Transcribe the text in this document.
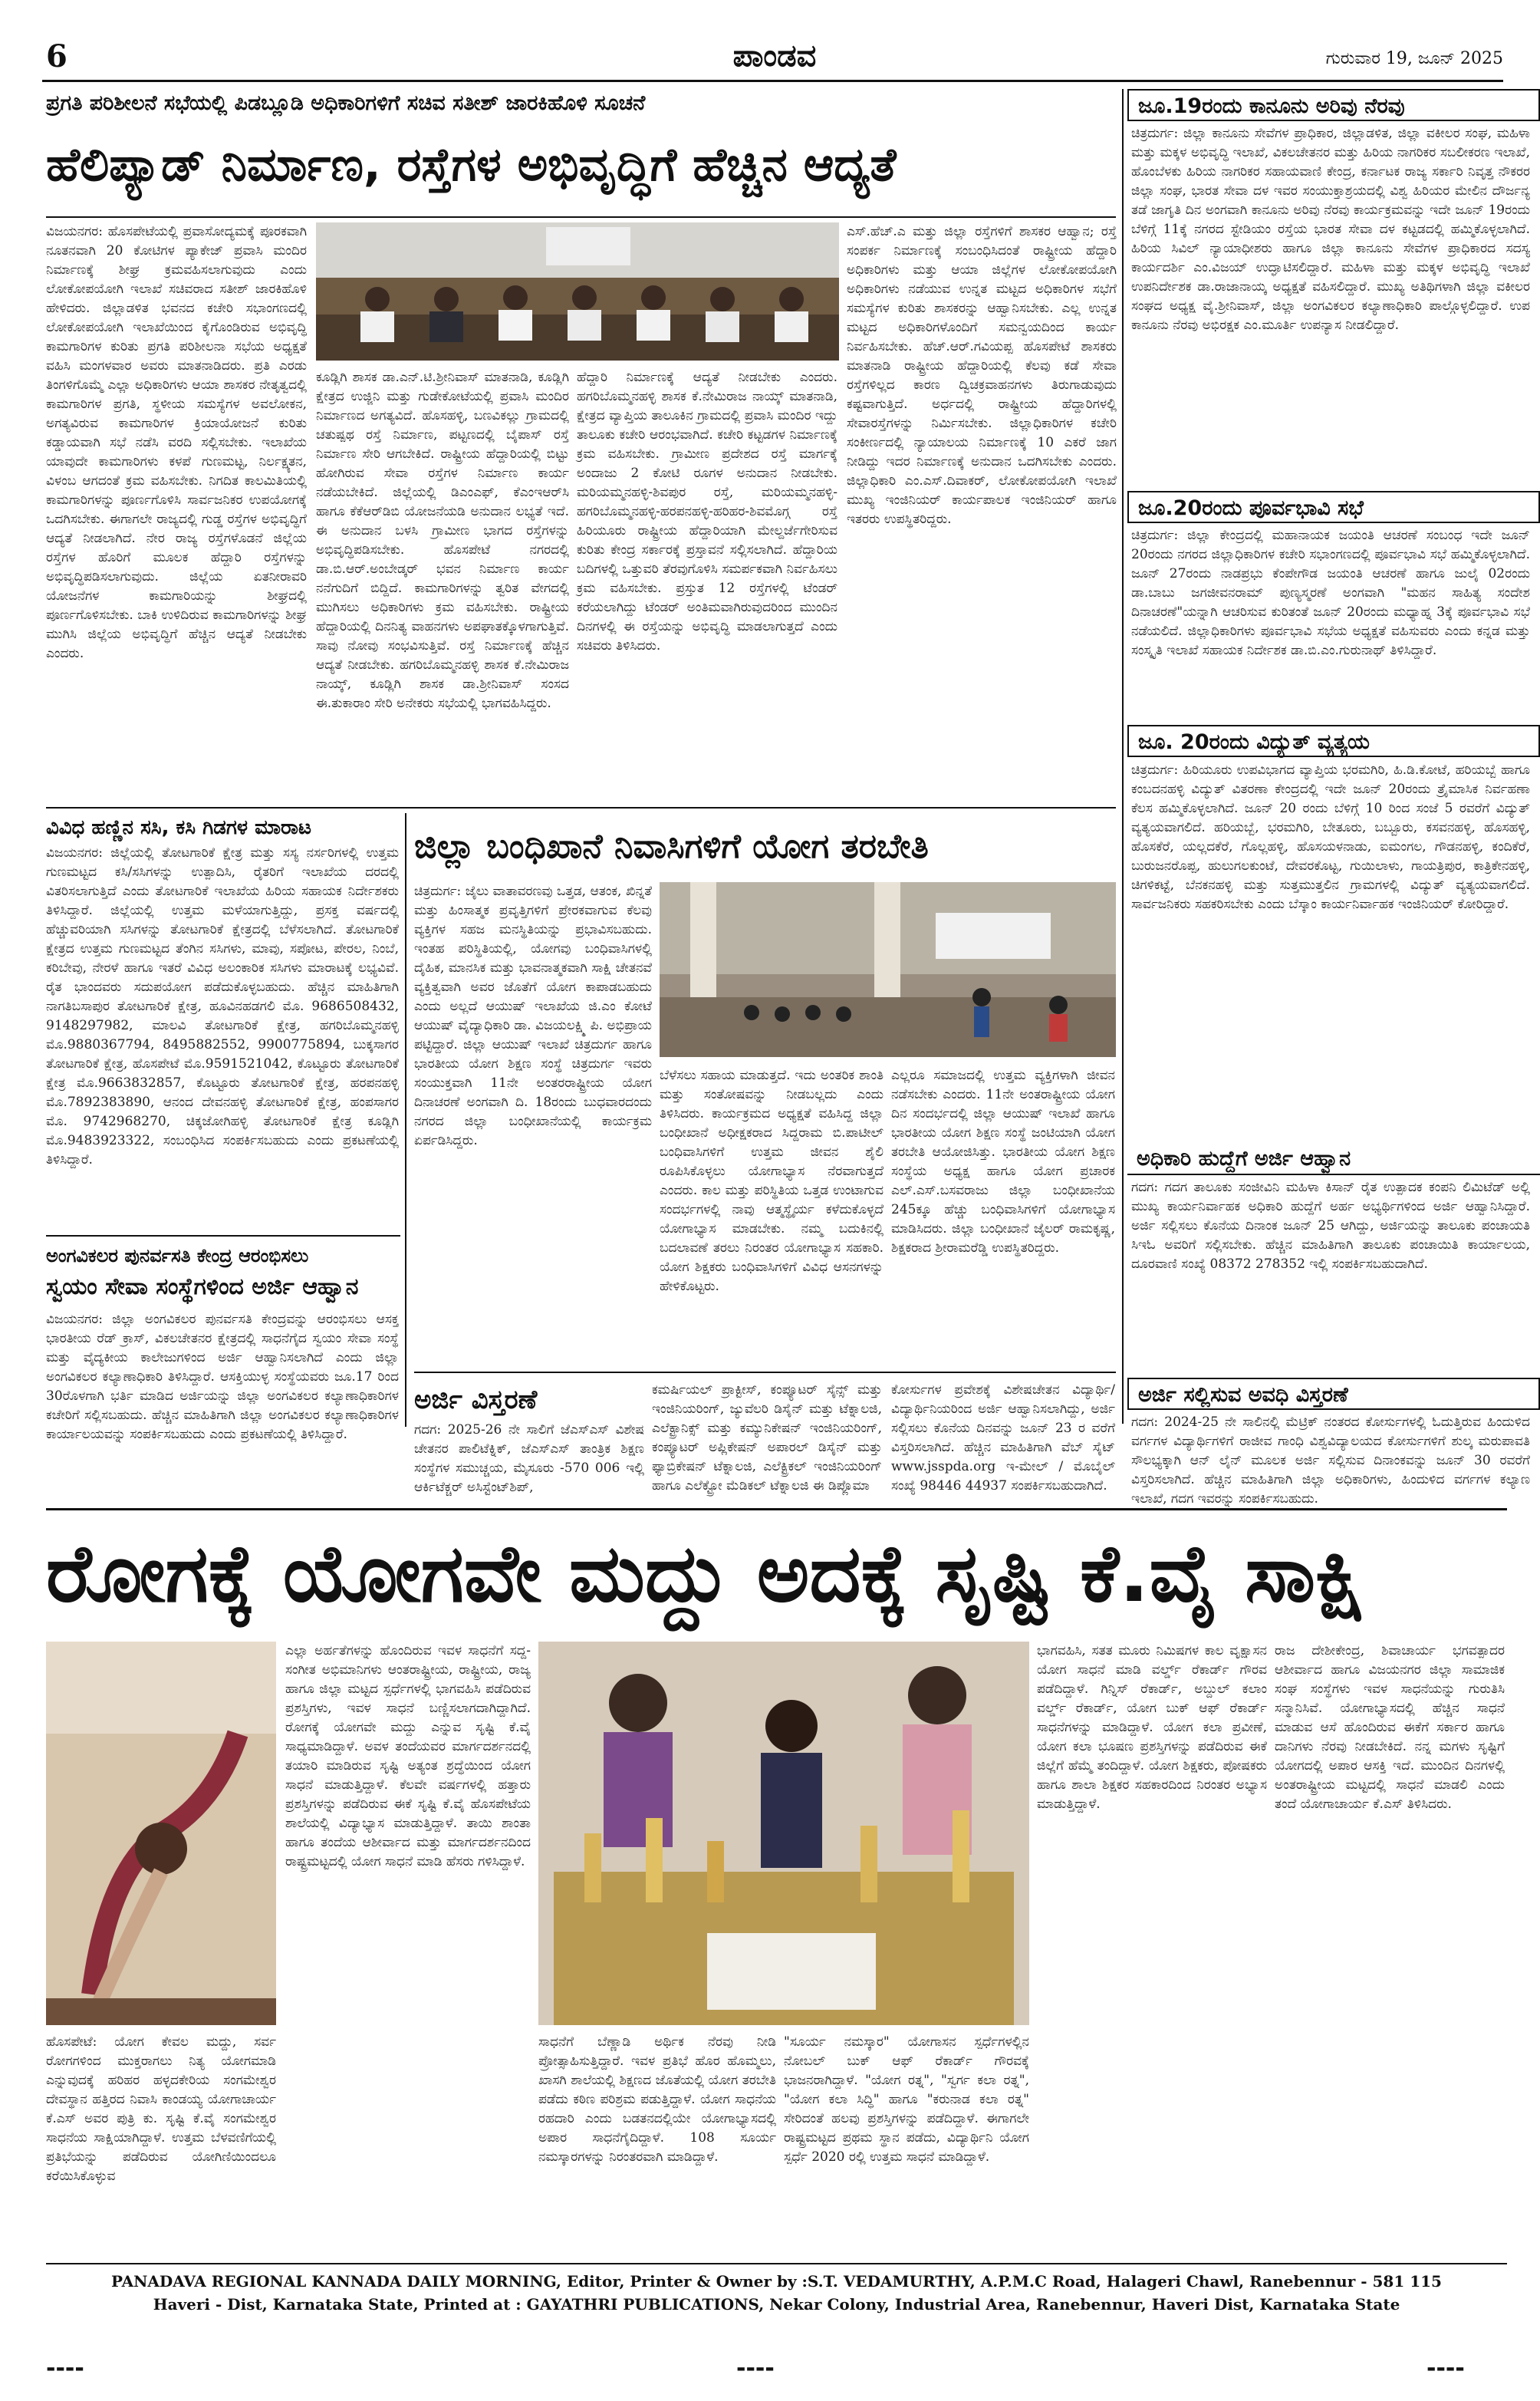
6	ಪಾಂಡವ	ಗುರುವಾರ 19, ಜೂನ್ 2025
ಪ್ರಗತಿ ಪರಿಶೀಲನೆ ಸಭೆಯಲ್ಲಿ ಪಿಡಬ್ಲೂಡಿ ಅಧಿಕಾರಿಗಳಿಗೆ ಸಚಿವ ಸತೀಶ್ ಜಾರಕಿಹೊಳಿ ಸೂಚನೆ
ಹೆಲಿಪ್ಯಾಡ್ ನಿರ್ಮಾಣ, ರಸ್ತೆಗಳ ಅಭಿವೃದ್ಧಿಗೆ ಹೆಚ್ಚಿನ ಆದ್ಯತೆ
ವಿಜಯನಗರ: ಹೊಸಪೇಟೆಯಲ್ಲಿ ಪ್ರವಾಸೋದ್ಯಮಕ್ಕೆ ಪೂರಕವಾಗಿ ನೂತನವಾಗಿ 20 ಕೋಟಿಗಳ ಪ್ಯಾಕೇಜ್ ಪ್ರವಾಸಿ ಮಂದಿರ ನಿರ್ಮಾಣಕ್ಕೆ ಶೀಘ್ರ ಕ್ರಮವಹಿಸಲಾಗುವುದು ಎಂದು ಲೋಕೋಪಯೋಗಿ ಇಲಾಖೆ ಸಚಿವರಾದ ಸತೀಶ್ ಜಾರಕಿಹೊಳಿ ಹೇಳಿದರು. ಜಿಲ್ಲಾಡಳಿತ ಭವನದ ಕಚೇರಿ ಸಭಾಂಗಣದಲ್ಲಿ ಲೋಕೋಪಯೋಗಿ ಇಲಾಖೆಯಿಂದ ಕೈಗೊಂಡಿರುವ ಅಭಿವೃದ್ಧಿ ಕಾಮಗಾರಿಗಳ ಕುರಿತು ಪ್ರಗತಿ ಪರಿಶೀಲನಾ ಸಭೆಯ ಅಧ್ಯಕ್ಷತೆ ವಹಿಸಿ ಮಂಗಳವಾರ ಅವರು ಮಾತನಾಡಿದರು. ಪ್ರತಿ ಎರಡು ತಿಂಗಳಿಗೊಮ್ಮೆ ಎಲ್ಲಾ ಅಧಿಕಾರಿಗಳು ಆಯಾ ಶಾಸಕರ ನೇತೃತ್ವದಲ್ಲಿ ಕಾಮಗಾರಿಗಳ ಪ್ರಗತಿ, ಸ್ಥಳೀಯ ಸಮಸ್ಯೆಗಳ ಅವಲೋಕನ, ಅಗತ್ಯವಿರುವ ಕಾಮಗಾರಿಗಳ ಕ್ರಿಯಾಯೋಜನೆ ಕುರಿತು ಕಡ್ಡಾಯವಾಗಿ ಸಭೆ ನಡೆಸಿ ವರದಿ ಸಲ್ಲಿಸಬೇಕು. ಇಲಾಖೆಯ ಯಾವುದೇ ಕಾಮಗಾರಿಗಳು ಕಳಪೆ ಗುಣಮಟ್ಟ, ನಿರ್ಲಕ್ಷ್ಯತನ, ವಿಳಂಬ ಆಗದಂತೆ ಕ್ರಮ ವಹಿಸಬೇಕು. ನಿಗದಿತ ಕಾಲಮಿತಿಯಲ್ಲಿ ಕಾಮಗಾರಿಗಳನ್ನು ಪೂರ್ಣಗೊಳಿಸಿ ಸಾರ್ವಜನಿಕರ ಉಪಯೋಗಕ್ಕೆ ಒದಗಿಸಬೇಕು. ಈಗಾಗಲೇ ರಾಜ್ಯದಲ್ಲಿ ಗುಡ್ಡ ರಸ್ತೆಗಳ ಅಭಿವೃದ್ಧಿಗೆ ಆದ್ಯತೆ ನೀಡಲಾಗಿದೆ. ನೇರ ರಾಜ್ಯ ರಸ್ತೆಗಳೊಡನೆ ಜಿಲ್ಲೆಯ ರಸ್ತೆಗಳ ಹೊರಿಗೆ ಮೂಲಕ ಹೆದ್ದಾರಿ ರಸ್ತೆಗಳನ್ನು ಅಭಿವೃದ್ಧಿಪಡಿಸಲಾಗುವುದು. ಜಿಲ್ಲೆಯ ಏತನೀರಾವರಿ ಯೋಜನೆಗಳ ಕಾಮಗಾರಿಯನ್ನು ಶೀಘ್ರದಲ್ಲಿ ಪೂರ್ಣಗೊಳಿಸಬೇಕು. ಬಾಕಿ ಉಳಿದಿರುವ ಕಾಮಗಾರಿಗಳನ್ನು ಶೀಘ್ರ ಮುಗಿಸಿ ಜಿಲ್ಲೆಯ ಅಭಿವೃದ್ಧಿಗೆ ಹೆಚ್ಚಿನ ಆದ್ಯತೆ ನೀಡಬೇಕು ಎಂದರು.
ಕೂಡ್ಲಿಗಿ ಶಾಸಕ ಡಾ.ಎನ್.ಟಿ.ಶ್ರೀನಿವಾಸ್ ಮಾತನಾಡಿ, ಕೂಡ್ಲಿಗಿ ಕ್ಷೇತ್ರದ ಉಜ್ಜಿನಿ ಮತ್ತು ಗುಡೇಕೋಟೆಯಲ್ಲಿ ಪ್ರವಾಸಿ ಮಂದಿರ ನಿರ್ಮಾಣದ ಅಗತ್ಯವಿದೆ. ಹೊಸಹಳ್ಳಿ, ಬಣವಿಕಲ್ಲು ಗ್ರಾಮದಲ್ಲಿ ಚತುಷ್ಪಥ ರಸ್ತೆ ನಿರ್ಮಾಣ, ಪಟ್ಟಣದಲ್ಲಿ ಬೈಪಾಸ್ ರಸ್ತೆ ನಿರ್ಮಾಣ ಸೇರಿ ಆಗಬೇಕಿದೆ. ರಾಷ್ಟ್ರೀಯ ಹೆದ್ದಾರಿಯಲ್ಲಿ ಬಿಟ್ಟು ಹೋಗಿರುವ ಸೇವಾ ರಸ್ತೆಗಳ ನಿರ್ಮಾಣ ಕಾರ್ಯ ನಡೆಯಬೇಕಿದೆ. ಜಿಲ್ಲೆಯಲ್ಲಿ ಡಿಎಂಎಫ್, ಕೆಎಂಇಆರ್‌ಸಿ ಹಾಗೂ ಕೆಕೆಆರ್‌ಡಿಬಿ ಯೋಜನೆಯಡಿ ಅನುದಾನ ಲಭ್ಯತೆ ಇದೆ. ಈ ಅನುದಾನ ಬಳಸಿ ಗ್ರಾಮೀಣ ಭಾಗದ ರಸ್ತೆಗಳನ್ನು ಅಭಿವೃದ್ಧಿಪಡಿಸಬೇಕು. ಹೊಸಪೇಟೆ ನಗರದಲ್ಲಿ ಡಾ.ಬಿ.ಆರ್.ಅಂಬೇಡ್ಕರ್ ಭವನ ನಿರ್ಮಾಣ ಕಾರ್ಯ ನನೆಗುದಿಗೆ ಬಿದ್ದಿದೆ. ಕಾಮಗಾರಿಗಳನ್ನು ತ್ವರಿತ ವೇಗದಲ್ಲಿ ಮುಗಿಸಲು ಅಧಿಕಾರಿಗಳು ಕ್ರಮ ವಹಿಸಬೇಕು. ರಾಷ್ಟ್ರೀಯ ಹೆದ್ದಾರಿಯಲ್ಲಿ ದಿನನಿತ್ಯ ವಾಹನಗಳು ಅಪಘಾತಕ್ಕೊಳಗಾಗುತ್ತಿವೆ. ಸಾವು ನೋವು ಸಂಭವಿಸುತ್ತಿವೆ. ರಸ್ತೆ ನಿರ್ಮಾಣಕ್ಕೆ ಹೆಚ್ಚಿನ ಆದ್ಯತೆ ನೀಡಬೇಕು. ಹಗರಿಬೊಮ್ಮನಹಳ್ಳಿ ಶಾಸಕ ಕೆ.ನೇಮಿರಾಜ ನಾಯ್ಕ್, ಕೂಡ್ಲಿಗಿ ಶಾಸಕ ಡಾ.ಶ್ರೀನಿವಾಸ್ ಸಂಸದ ಈ.ತುಕಾರಾಂ ಸೇರಿ ಅನೇಕರು ಸಭೆಯಲ್ಲಿ ಭಾಗವಹಿಸಿದ್ದರು.
ಹೆದ್ದಾರಿ ನಿರ್ಮಾಣಕ್ಕೆ ಆದ್ಯತೆ ನೀಡಬೇಕು ಎಂದರು. ಹಗರಿಬೊಮ್ಮನಹಳ್ಳಿ ಶಾಸಕ ಕೆ.ನೇಮಿರಾಜ ನಾಯ್ಕ್ ಮಾತನಾಡಿ, ಕ್ಷೇತ್ರದ ವ್ಯಾಪ್ತಿಯ ತಾಲೂಕಿನ ಗ್ರಾಮದಲ್ಲಿ ಪ್ರವಾಸಿ ಮಂದಿರ ಇದ್ದು ತಾಲೂಕು ಕಚೇರಿ ಆರಂಭವಾಗಿದೆ. ಕಚೇರಿ ಕಟ್ಟಡಗಳ ನಿರ್ಮಾಣಕ್ಕೆ ಕ್ರಮ ವಹಿಸಬೇಕು. ಗ್ರಾಮೀಣ ಪ್ರದೇಶದ ರಸ್ತೆ ಮಾರ್ಗಕ್ಕೆ ಅಂದಾಜು 2 ಕೋಟಿ ರೂಗಳ ಅನುದಾನ ನೀಡಬೇಕು. ಮರಿಯಮ್ಮನಹಳ್ಳಿ-ಶಿವಪುರ ರಸ್ತೆ, ಮರಿಯಮ್ಮನಹಳ್ಳಿ-ಹಗರಿಬೊಮ್ಮನಹಳ್ಳಿ-ಹರಪನಹಳ್ಳಿ-ಹರಿಹರ-ಶಿವಮೊಗ್ಗ ರಸ್ತೆ ಹಿರಿಯೂರು ರಾಷ್ಟ್ರೀಯ ಹೆದ್ದಾರಿಯಾಗಿ ಮೇಲ್ದರ್ಜೆಗೇರಿಸುವ ಕುರಿತು ಕೇಂದ್ರ ಸರ್ಕಾರಕ್ಕೆ ಪ್ರಸ್ತಾವನೆ ಸಲ್ಲಿಸಲಾಗಿದೆ. ಹೆದ್ದಾರಿಯ ಬದಿಗಳಲ್ಲಿ ಒತ್ತುವರಿ ತೆರವುಗೊಳಿಸಿ ಸಮರ್ಪಕವಾಗಿ ನಿರ್ವಹಿಸಲು ಕ್ರಮ ವಹಿಸಬೇಕು. ಪ್ರಸ್ತುತ 12 ರಸ್ತೆಗಳಲ್ಲಿ ಟೆಂಡರ್ ಕರೆಯಲಾಗಿದ್ದು ಟೆಂಡರ್ ಅಂತಿಮವಾಗಿರುವುದರಿಂದ ಮುಂದಿನ ದಿನಗಳಲ್ಲಿ ಈ ರಸ್ತೆಯನ್ನು ಅಭಿವೃದ್ಧಿ ಮಾಡಲಾಗುತ್ತದೆ ಎಂದು ಸಚಿವರು ತಿಳಿಸಿದರು.
ಎಸ್.ಹೆಚ್.ಎ ಮತ್ತು ಜಿಲ್ಲಾ ರಸ್ತೆಗಳಿಗೆ ಶಾಸಕರ ಆಹ್ವಾನ; ರಸ್ತೆ ಸಂಪರ್ಕ ನಿರ್ಮಾಣಕ್ಕೆ ಸಂಬಂಧಿಸಿದಂತೆ ರಾಷ್ಟ್ರೀಯ ಹೆದ್ದಾರಿ ಅಧಿಕಾರಿಗಳು ಮತ್ತು ಆಯಾ ಜಿಲ್ಲೆಗಳ ಲೋಕೋಪಯೋಗಿ ಅಧಿಕಾರಿಗಳು ನಡೆಯುವ ಉನ್ನತ ಮಟ್ಟದ ಅಧಿಕಾರಿಗಳ ಸಭೆಗೆ ಸಮಸ್ಯೆಗಳ ಕುರಿತು ಶಾಸಕರನ್ನು ಆಹ್ವಾನಿಸಬೇಕು. ಎಲ್ಲ ಉನ್ನತ ಮಟ್ಟದ ಅಧಿಕಾರಿಗಳೊಂದಿಗೆ ಸಮನ್ವಯದಿಂದ ಕಾರ್ಯ ನಿರ್ವಹಿಸಬೇಕು. ಹೆಚ್.ಆರ್.ಗವಿಯಪ್ಪ ಹೊಸಪೇಟೆ ಶಾಸಕರು ಮಾತನಾಡಿ ರಾಷ್ಟ್ರೀಯ ಹೆದ್ದಾರಿಯಲ್ಲಿ ಕೆಲವು ಕಡೆ ಸೇವಾ ರಸ್ತೆಗಳಿಲ್ಲದ ಕಾರಣ ದ್ವಿಚಕ್ರವಾಹನಗಳು ತಿರುಗಾಡುವುದು ಕಷ್ಟವಾಗುತ್ತಿದೆ. ಅರ್ಧದಲ್ಲಿ ರಾಷ್ಟ್ರೀಯ ಹೆದ್ದಾರಿಗಳಲ್ಲಿ ಸೇವಾರಸ್ತೆಗಳನ್ನು ನಿರ್ಮಿಸಬೇಕು. ಜಿಲ್ಲಾಧಿಕಾರಿಗಳ ಕಚೇರಿ ಸಂಕೀರ್ಣದಲ್ಲಿ ನ್ಯಾಯಾಲಯ ನಿರ್ಮಾಣಕ್ಕೆ 10 ಎಕರೆ ಜಾಗ ನೀಡಿದ್ದು ಇದರ ನಿರ್ಮಾಣಕ್ಕೆ ಅನುದಾನ ಒದಗಿಸಬೇಕು ಎಂದರು. ಜಿಲ್ಲಾಧಿಕಾರಿ ಎಂ.ಎಸ್.ದಿವಾಕರ್, ಲೋಕೋಪಯೋಗಿ ಇಲಾಖೆ ಮುಖ್ಯ ಇಂಜಿನಿಯರ್ ಕಾರ್ಯಪಾಲಕ ಇಂಜಿನಿಯರ್ ಹಾಗೂ ಇತರರು ಉಪಸ್ಥಿತರಿದ್ದರು.
ವಿವಿಧ ಹಣ್ಣಿನ ಸಸಿ, ಕಸಿ ಗಿಡಗಳ ಮಾರಾಟ
ವಿಜಯನಗರ: ಜಿಲ್ಲೆಯಲ್ಲಿ ತೋಟಗಾರಿಕೆ ಕ್ಷೇತ್ರ ಮತ್ತು ಸಸ್ಯ ನರ್ಸರಿಗಳಲ್ಲಿ ಉತ್ತಮ ಗುಣಮಟ್ಟದ ಕಸಿ/ಸಸಿಗಳನ್ನು ಉತ್ಪಾದಿಸಿ, ರೈತರಿಗೆ ಇಲಾಖೆಯ ದರದಲ್ಲಿ ವಿತರಿಸಲಾಗುತ್ತಿದೆ ಎಂದು ತೋಟಗಾರಿಕೆ ಇಲಾಖೆಯ ಹಿರಿಯ ಸಹಾಯಕ ನಿರ್ದೇಶಕರು ತಿಳಿಸಿದ್ದಾರೆ. ಜಿಲ್ಲೆಯಲ್ಲಿ ಉತ್ತಮ ಮಳೆಯಾಗುತ್ತಿದ್ದು, ಪ್ರಸಕ್ತ ವರ್ಷದಲ್ಲಿ ಹೆಚ್ಚುವರಿಯಾಗಿ ಸಸಿಗಳನ್ನು ತೋಟಗಾರಿಕೆ ಕ್ಷೇತ್ರದಲ್ಲಿ ಬೆಳೆಸಲಾಗಿದೆ. ತೋಟಗಾರಿಕೆ ಕ್ಷೇತ್ರದ ಉತ್ತಮ ಗುಣಮಟ್ಟದ ತೆಂಗಿನ ಸಸಿಗಳು, ಮಾವು, ಸಪೋಟ, ಪೇರಲ, ನಿಂಬೆ, ಕರಿಬೇವು, ನೇರಳೆ ಹಾಗೂ ಇತರೆ ವಿವಿಧ ಅಲಂಕಾರಿಕ ಸಸಿಗಳು ಮಾರಾಟಕ್ಕೆ ಲಭ್ಯವಿವೆ. ರೈತ ಭಾಂದವರು ಸದುಪಯೋಗ ಪಡೆದುಕೊಳ್ಳಬಹುದು. ಹೆಚ್ಚಿನ ಮಾಹಿತಿಗಾಗಿ ನಾಗತಿಬಸಾಪುರ ತೋಟಗಾರಿಕೆ ಕ್ಷೇತ್ರ, ಹೂವಿನಹಡಗಲಿ ಮೊ. 9686508432, 9148297982, ಮಾಲವಿ ತೋಟಗಾರಿಕೆ ಕ್ಷೇತ್ರ, ಹಗರಿಬೊಮ್ಮನಹಳ್ಳಿ ಮೊ.9880367794, 8495882552, 9900775894, ಬುಕ್ಕಸಾಗರ ತೋಟಗಾರಿಕೆ ಕ್ಷೇತ್ರ, ಹೊಸಪೇಟೆ ಮೊ.9591521042, ಕೊಟ್ಟೂರು ತೋಟಗಾರಿಕೆ ಕ್ಷೇತ್ರ ಮೊ.9663832857, ಕೊಟ್ಟೂರು ತೋಟಗಾರಿಕೆ ಕ್ಷೇತ್ರ, ಹರಪನಹಳ್ಳಿ ಮೊ.7892383890, ಆನಂದ ದೇವನಹಳ್ಳಿ ತೋಟಗಾರಿಕೆ ಕ್ಷೇತ್ರ, ಹಂಪಸಾಗರ ಮೊ. 9742968270, ಚಿಕ್ಕಜೋಗಿಹಳ್ಳಿ ತೋಟಗಾರಿಕೆ ಕ್ಷೇತ್ರ ಕೂಡ್ಲಿಗಿ ಮೊ.9483923322, ಸಂಬಂಧಿಸಿದ ಸಂಪರ್ಕಿಸಬಹುದು ಎಂದು ಪ್ರಕಟಣೆಯಲ್ಲಿ ತಿಳಿಸಿದ್ದಾರೆ.
ಅಂಗವಿಕಲರ ಪುನರ್ವಸತಿ ಕೇಂದ್ರ ಆರಂಭಿಸಲು
ಸ್ವಯಂ ಸೇವಾ ಸಂಸ್ಥೆಗಳಿಂದ ಅರ್ಜಿ ಆಹ್ವಾನ
ವಿಜಯನಗರ: ಜಿಲ್ಲಾ ಅಂಗವಿಕಲರ ಪುನರ್ವಸತಿ ಕೇಂದ್ರವನ್ನು ಆರಂಭಿಸಲು ಆಸಕ್ತ ಭಾರತೀಯ ರೆಡ್ ಕ್ರಾಸ್, ವಿಕಲಚೇತನರ ಕ್ಷೇತ್ರದಲ್ಲಿ ಸಾಧನೆಗೈದ ಸ್ವಯಂ ಸೇವಾ ಸಂಸ್ಥೆ ಮತ್ತು ವೈದ್ಯಕೀಯ ಕಾಲೇಜುಗಳಿಂದ ಅರ್ಜಿ ಆಹ್ವಾನಿಸಲಾಗಿದೆ ಎಂದು ಜಿಲ್ಲಾ ಅಂಗವಿಕಲರ ಕಲ್ಯಾಣಾಧಿಕಾರಿ ತಿಳಿಸಿದ್ದಾರೆ. ಆಸಕ್ತಿಯುಳ್ಳ ಸಂಸ್ಥೆಯವರು ಜೂ.17 ರಿಂದ 30ರೊಳಗಾಗಿ ಭರ್ತಿ ಮಾಡಿದ ಅರ್ಜಿಯನ್ನು ಜಿಲ್ಲಾ ಅಂಗವಿಕಲರ ಕಲ್ಯಾಣಾಧಿಕಾರಿಗಳ ಕಚೇರಿಗೆ ಸಲ್ಲಿಸಬಹುದು. ಹೆಚ್ಚಿನ ಮಾಹಿತಿಗಾಗಿ ಜಿಲ್ಲಾ ಅಂಗವಿಕಲರ ಕಲ್ಯಾಣಾಧಿಕಾರಿಗಳ ಕಾರ್ಯಾಲಯವನ್ನು ಸಂಪರ್ಕಿಸಬಹುದು ಎಂದು ಪ್ರಕಟಣೆಯಲ್ಲಿ ತಿಳಿಸಿದ್ದಾರೆ.
ಜಿಲ್ಲಾ ಬಂಧಿಖಾನೆ ನಿವಾಸಿಗಳಿಗೆ ಯೋಗ ತರಬೇತಿ
ಚಿತ್ರದುರ್ಗ: ಜೈಲು ವಾತಾವರಣವು ಒತ್ತಡ, ಆತಂಕ, ಖಿನ್ನತೆ ಮತ್ತು ಹಿಂಸಾತ್ಮಕ ಪ್ರವೃತ್ತಿಗಳಿಗೆ ಪ್ರೇರಕವಾಗುವ ಕೆಲವು ವ್ಯಕ್ತಿಗಳ ಸಹಜ ಮನಸ್ಥಿತಿಯನ್ನು ಪ್ರಭಾವಿಸಬಹುದು. ಇಂತಹ ಪರಿಸ್ಥಿತಿಯಲ್ಲಿ, ಯೋಗವು ಬಂಧಿವಾಸಿಗಳಲ್ಲಿ ದೈಹಿಕ, ಮಾನಸಿಕ ಮತ್ತು ಭಾವನಾತ್ಮಕವಾಗಿ ಸಾಕ್ಷಿ ಚೇತನವೆ ವ್ಯಕ್ತಿತ್ವವಾಗಿ ಅವರ ಜೊತೆಗೆ ಯೋಗ ಕಾಪಾಡಬಹುದು ಎಂದು ಅಲ್ಲದೆ ಆಯುಷ್ ಇಲಾಖೆಯ ಜಿ.ಎಂ ಕೋಟೆ ಆಯುಷ್ ವೈದ್ಯಾಧಿಕಾರಿ ಡಾ. ವಿಜಯಲಕ್ಷ್ಮಿ ಪಿ. ಅಭಿಪ್ರಾಯ ಪಟ್ಟಿದ್ದಾರೆ. ಜಿಲ್ಲಾ ಆಯುಷ್ ಇಲಾಖೆ ಚಿತ್ರದುರ್ಗ ಹಾಗೂ ಭಾರತೀಯ ಯೋಗ ಶಿಕ್ಷಣ ಸಂಸ್ಥೆ ಚಿತ್ರದುರ್ಗ ಇವರು ಸಂಯುಕ್ತವಾಗಿ 11ನೇ ಅಂತರರಾಷ್ಟ್ರೀಯ ಯೋಗ ದಿನಾಚರಣೆ ಅಂಗವಾಗಿ ದಿ. 18ರಂದು ಬುಧವಾರದಂದು ನಗರದ ಜಿಲ್ಲಾ ಬಂಧೀಖಾನೆಯಲ್ಲಿ ಕಾರ್ಯಕ್ರಮ ಏರ್ಪಡಿಸಿದ್ದರು.
ಬೆಳೆಸಲು ಸಹಾಯ ಮಾಡುತ್ತದೆ. ಇದು ಅಂತರಿಕ ಶಾಂತಿ ಮತ್ತು ಸಂತೋಷವನ್ನು ನೀಡಬಲ್ಲದು ಎಂದು ತಿಳಿಸಿದರು. ಕಾರ್ಯಕ್ರಮದ ಅಧ್ಯಕ್ಷತೆ ವಹಿಸಿದ್ದ ಜಿಲ್ಲಾ ಬಂಧೀಖಾನೆ ಅಧೀಕ್ಷಕರಾದ ಸಿದ್ದರಾಮ ಬಿ.ಪಾಟೀಲ್ ಬಂಧಿವಾಸಿಗಳಿಗೆ ಉತ್ತಮ ಜೀವನ ಶೈಲಿ ರೂಪಿಸಿಕೊಳ್ಳಲು ಯೋಗಾಭ್ಯಾಸ ನೆರವಾಗುತ್ತದೆ ಎಂದರು. ಕಾಲ ಮತ್ತು ಪರಿಸ್ಥಿತಿಯ ಒತ್ತಡ ಉಂಟಾಗುವ ಸಂದರ್ಭಗಳಲ್ಲಿ ನಾವು ಆತ್ಮಸ್ಥೈರ್ಯ ಕಳೆದುಕೊಳ್ಳದೆ ಯೋಗಾಭ್ಯಾಸ ಮಾಡಬೇಕು. ನಮ್ಮ ಬದುಕಿನಲ್ಲಿ ಬದಲಾವಣೆ ತರಲು ನಿರಂತರ ಯೋಗಾಭ್ಯಾಸ ಸಹಕಾರಿ. ಯೋಗ ಶಿಕ್ಷಕರು ಬಂಧಿವಾಸಿಗಳಿಗೆ ವಿವಿಧ ಆಸನಗಳನ್ನು ಹೇಳಿಕೊಟ್ಟರು.
ಎಲ್ಲರೂ ಸಮಾಜದಲ್ಲಿ ಉತ್ತಮ ವ್ಯಕ್ತಿಗಳಾಗಿ ಜೀವನ ನಡೆಸಬೇಕು ಎಂದರು. 11ನೇ ಅಂತರಾಷ್ಟ್ರೀಯ ಯೋಗ ದಿನ ಸಂದರ್ಭದಲ್ಲಿ ಜಿಲ್ಲಾ ಆಯುಷ್ ಇಲಾಖೆ ಹಾಗೂ ಭಾರತೀಯ ಯೋಗ ಶಿಕ್ಷಣ ಸಂಸ್ಥೆ ಜಂಟಿಯಾಗಿ ಯೋಗ ತರಬೇತಿ ಆಯೋಜಿಸಿತ್ತು. ಭಾರತೀಯ ಯೋಗ ಶಿಕ್ಷಣ ಸಂಸ್ಥೆಯ ಅಧ್ಯಕ್ಷ ಹಾಗೂ ಯೋಗ ಪ್ರಚಾರಕ ಎಲ್.ಎಸ್.ಬಸವರಾಜು ಜಿಲ್ಲಾ ಬಂಧೀಖಾನೆಯ 245ಕ್ಕೂ ಹೆಚ್ಚು ಬಂಧಿವಾಸಿಗಳಿಗೆ ಯೋಗಾಭ್ಯಾಸ ಮಾಡಿಸಿದರು. ಜಿಲ್ಲಾ ಬಂಧೀಖಾನೆ ಜೈಲರ್ ರಾಮಕೃಷ್ಣ, ಶಿಕ್ಷಕರಾದ ಶ್ರೀರಾಮರೆಡ್ಡಿ ಉಪಸ್ಥಿತರಿದ್ದರು.
ಅರ್ಜಿ ವಿಸ್ತರಣೆ
ಗದಗ: 2025-26 ನೇ ಸಾಲಿಗೆ ಜೆಎಸ್‌ಎಸ್ ವಿಶೇಷ ಚೇತನರ ಪಾಲಿಟೆಕ್ನಿಕ್, ಜೆಎಸ್‌ಎಸ್ ತಾಂತ್ರಿಕ ಶಿಕ್ಷಣ ಸಂಸ್ಥೆಗಳ ಸಮುಚ್ಚಯ, ಮೈಸೂರು -570 006 ಇಲ್ಲಿ ಆರ್ಕಿಟೆಕ್ಚರ್ ಅಸಿಸ್ಟೆಂಟ್‌ಶಿಪ್,
ಕಮರ್ಷಿಯಲ್ ಪ್ರಾಕ್ಟೀಸ್, ಕಂಪ್ಯೂಟರ್ ಸೈನ್ಸ್ ಮತ್ತು ಇಂಜಿನಿಯರಿಂಗ್, ಜ್ಯುವೆಲರಿ ಡಿಸೈನ್ ಮತ್ತು ಟೆಕ್ನಾಲಜಿ, ಎಲೆಕ್ಟ್ರಾನಿಕ್ಸ್ ಮತ್ತು ಕಮ್ಯುನಿಕೇಷನ್ ಇಂಜಿನಿಯರಿಂಗ್, ಕಂಪ್ಯೂಟರ್ ಅಪ್ಲಿಕೇಷನ್ ಅಪಾರಲ್ ಡಿಸೈನ್ ಮತ್ತು ಫ್ಯಾಬ್ರಿಕೇಷನ್ ಟೆಕ್ನಾಲಜಿ, ಎಲೆಕ್ಟ್ರಿಕಲ್ ಇಂಜಿನಿಯರಿಂಗ್ ಹಾಗೂ ಎಲೆಕ್ಟ್ರೋ ಮೆಡಿಕಲ್ ಟೆಕ್ನಾಲಜಿ ಈ ಡಿಪ್ಲೊಮಾ
ಕೋರ್ಸುಗಳ ಪ್ರವೇಶಕ್ಕೆ ವಿಶೇಷಚೇತನ ವಿದ್ಯಾರ್ಥಿ/ ವಿದ್ಯಾರ್ಥಿನಿಯರಿಂದ ಅರ್ಜಿ ಆಹ್ವಾನಿಸಲಾಗಿದ್ದು, ಅರ್ಜಿ ಸಲ್ಲಿಸಲು ಕೊನೆಯ ದಿನವನ್ನು ಜೂನ್ 23 ರ ವರೆಗೆ ವಿಸ್ತರಿಸಲಾಗಿದೆ. ಹೆಚ್ಚಿನ ಮಾಹಿತಿಗಾಗಿ ವೆಬ್ ಸೈಟ್ www.jsspda.org ಇ-ಮೇಲ್ / ಮೊಬೈಲ್ ಸಂಖ್ಯೆ 98446 44937 ಸಂಪರ್ಕಿಸಬಹುದಾಗಿದೆ.
ಜೂ.19ರಂದು ಕಾನೂನು ಅರಿವು ನೆರವು
ಚಿತ್ರದುರ್ಗ: ಜಿಲ್ಲಾ ಕಾನೂನು ಸೇವೆಗಳ ಪ್ರಾಧಿಕಾರ, ಜಿಲ್ಲಾಡಳಿತ, ಜಿಲ್ಲಾ ವಕೀಲರ ಸಂಘ, ಮಹಿಳಾ ಮತ್ತು ಮಕ್ಕಳ ಅಭಿವೃದ್ಧಿ ಇಲಾಖೆ, ವಿಕಲಚೇತನರ ಮತ್ತು ಹಿರಿಯ ನಾಗರಿಕರ ಸಬಲೀಕರಣ ಇಲಾಖೆ, ಹೊಂಬೆಳಕು ಹಿರಿಯ ನಾಗರಿಕರ ಸಹಾಯವಾಣಿ ಕೇಂದ್ರ, ಕರ್ನಾಟಕ ರಾಜ್ಯ ಸರ್ಕಾರಿ ನಿವೃತ್ತ ನೌಕರರ ಜಿಲ್ಲಾ ಸಂಘ, ಭಾರತ ಸೇವಾ ದಳ ಇವರ ಸಂಯುಕ್ತಾಶ್ರಯದಲ್ಲಿ ವಿಶ್ವ ಹಿರಿಯರ ಮೇಲಿನ ದೌರ್ಜನ್ಯ ತಡೆ ಜಾಗೃತಿ ದಿನ ಅಂಗವಾಗಿ ಕಾನೂನು ಅರಿವು ನೆರವು ಕಾರ್ಯಕ್ರಮವನ್ನು ಇದೇ ಜೂನ್ 19ರಂದು ಬೆಳಿಗ್ಗೆ 11ಕ್ಕೆ ನಗರದ ಸ್ಟೇಡಿಯಂ ರಸ್ತೆಯ ಭಾರತ ಸೇವಾ ದಳ ಕಟ್ಟಡದಲ್ಲಿ ಹಮ್ಮಿಕೊಳ್ಳಲಾಗಿದೆ. ಹಿರಿಯ ಸಿವಿಲ್ ನ್ಯಾಯಾಧೀಶರು ಹಾಗೂ ಜಿಲ್ಲಾ ಕಾನೂನು ಸೇವೆಗಳ ಪ್ರಾಧಿಕಾರದ ಸದಸ್ಯ ಕಾರ್ಯದರ್ಶಿ ಎಂ.ವಿಜಯ್ ಉದ್ಘಾಟಿಸಲಿದ್ದಾರೆ. ಮಹಿಳಾ ಮತ್ತು ಮಕ್ಕಳ ಅಭಿವೃದ್ಧಿ ಇಲಾಖೆ ಉಪನಿರ್ದೇಶಕ ಡಾ.ರಾಜಾನಾಯ್ಕ ಅಧ್ಯಕ್ಷತೆ ವಹಿಸಲಿದ್ದಾರೆ. ಮುಖ್ಯ ಅತಿಥಿಗಳಾಗಿ ಜಿಲ್ಲಾ ವಕೀಲರ ಸಂಘದ ಅಧ್ಯಕ್ಷ ವೈ.ಶ್ರೀನಿವಾಸ್, ಜಿಲ್ಲಾ ಅಂಗವಿಕಲರ ಕಲ್ಯಾಣಾಧಿಕಾರಿ ಪಾಲ್ಗೊಳ್ಳಲಿದ್ದಾರೆ. ಉಪ ಕಾನೂನು ನೆರವು ಅಭಿರಕ್ಷಕ ಎಂ.ಮೂರ್ತಿ ಉಪನ್ಯಾಸ ನೀಡಲಿದ್ದಾರೆ.
ಜೂ.20ರಂದು ಪೂರ್ವಭಾವಿ ಸಭೆ
ಚಿತ್ರದುರ್ಗ: ಜಿಲ್ಲಾ ಕೇಂದ್ರದಲ್ಲಿ ಮಹಾನಾಯಕ ಜಯಂತಿ ಆಚರಣೆ ಸಂಬಂಧ ಇದೇ ಜೂನ್ 20ರಂದು ನಗರದ ಜಿಲ್ಲಾಧಿಕಾರಿಗಳ ಕಚೇರಿ ಸಭಾಂಗಣದಲ್ಲಿ ಪೂರ್ವಭಾವಿ ಸಭೆ ಹಮ್ಮಿಕೊಳ್ಳಲಾಗಿದೆ. ಜೂನ್ 27ರಂದು ನಾಡಪ್ರಭು ಕೆಂಪೇಗೌಡ ಜಯಂತಿ ಆಚರಣೆ ಹಾಗೂ ಜುಲೈ 02ರಂದು ಡಾ.ಬಾಬು ಜಗಜೀವನರಾಮ್ ಪುಣ್ಯಸ್ಮರಣೆ ಅಂಗವಾಗಿ "ಮಹನ ಸಾಹಿತ್ಯ ಸಂದೇಶ ದಿನಾಚರಣೆ"ಯನ್ನಾಗಿ ಆಚರಿಸುವ ಕುರಿತಂತೆ ಜೂನ್ 20ರಂದು ಮಧ್ಯಾಹ್ನ 3ಕ್ಕೆ ಪೂರ್ವಭಾವಿ ಸಭೆ ನಡೆಯಲಿದೆ. ಜಿಲ್ಲಾಧಿಕಾರಿಗಳು ಪೂರ್ವಭಾವಿ ಸಭೆಯ ಅಧ್ಯಕ್ಷತೆ ವಹಿಸುವರು ಎಂದು ಕನ್ನಡ ಮತ್ತು ಸಂಸ್ಕೃತಿ ಇಲಾಖೆ ಸಹಾಯಕ ನಿರ್ದೇಶಕ ಡಾ.ಬಿ.ಎಂ.ಗುರುನಾಥ್ ತಿಳಿಸಿದ್ದಾರೆ.
ಜೂ. 20ರಂದು ವಿದ್ಯುತ್ ವ್ಯತ್ಯಯ
ಚಿತ್ರದುರ್ಗ: ಹಿರಿಯೂರು ಉಪವಿಭಾಗದ ವ್ಯಾಪ್ತಿಯ ಭರಮಗಿರಿ, ಹಿ.ಡಿ.ಕೋಟೆ, ಹರಿಯಬ್ಬೆ ಹಾಗೂ ಕಂಬದನಹಳ್ಳಿ ವಿದ್ಯುತ್ ವಿತರಣಾ ಕೇಂದ್ರದಲ್ಲಿ ಇದೇ ಜೂನ್ 20ರಂದು ತ್ರೈಮಾಸಿಕ ನಿರ್ವಹಣಾ ಕೆಲಸ ಹಮ್ಮಿಕೊಳ್ಳಲಾಗಿದೆ. ಜೂನ್ 20 ರಂದು ಬೆಳಿಗ್ಗೆ 10 ರಿಂದ ಸಂಜೆ 5 ರವರೆಗೆ ವಿದ್ಯುತ್ ವ್ಯತ್ಯಯವಾಗಲಿದೆ. ಹರಿಯಬ್ಬೆ, ಭರಮಗಿರಿ, ಬೇತೂರು, ಬಬ್ಬೂರು, ಕಸವನಹಳ್ಳಿ, ಹೊಸಹಳ್ಳಿ, ಹೊಸಕೆರೆ, ಯಲ್ಲದಕೆರೆ, ಗೊಲ್ಲಹಳ್ಳಿ, ಹೊಸಯಳನಾಡು, ಐಮಂಗಲ, ಗೌಡನಹಳ್ಳಿ, ಕಂದಿಕೆರೆ, ಬುರುಜನರೊಪ್ಪ, ಹುಲುಗಲಕುಂಟೆ, ದೇವರಕೊಟ್ಟ, ಗುಯಿಲಾಳು, ಗಾಯತ್ರಿಪುರ, ಕಾತ್ರಿಕೇನಹಳ್ಳಿ, ಚಿಗಳಿಕಟ್ಟೆ, ಬೆನಕನಹಳ್ಳಿ ಮತ್ತು ಸುತ್ತಮುತ್ತಲಿನ ಗ್ರಾಮಗಳಲ್ಲಿ ವಿದ್ಯುತ್ ವ್ಯತ್ಯಯವಾಗಲಿದೆ. ಸಾರ್ವಜನಿಕರು ಸಹಕರಿಸಬೇಕು ಎಂದು ಬೆಸ್ಕಾಂ ಕಾರ್ಯನಿರ್ವಾಹಕ ಇಂಜಿನಿಯರ್ ಕೋರಿದ್ದಾರೆ.
ಅಧಿಕಾರಿ ಹುದ್ದೆಗೆ ಅರ್ಜಿ ಆಹ್ವಾನ
ಗದಗ: ಗದಗ ತಾಲೂಕು ಸಂಜೀವಿನಿ ಮಹಿಳಾ ಕಿಸಾನ್ ರೈತ ಉತ್ಪಾದಕ ಕಂಪನಿ ಲಿಮಿಟೆಡ್ ಅಲ್ಲಿ ಮುಖ್ಯ ಕಾರ್ಯನಿರ್ವಾಹಕ ಅಧಿಕಾರಿ ಹುದ್ದೆಗೆ ಅರ್ಹ ಅಭ್ಯರ್ಥಿಗಳಿಂದ ಅರ್ಜಿ ಆಹ್ವಾನಿಸಿದ್ದಾರೆ. ಅರ್ಜಿ ಸಲ್ಲಿಸಲು ಕೊನೆಯ ದಿನಾಂಕ ಜೂನ್ 25 ಆಗಿದ್ದು, ಅರ್ಜಿಯನ್ನು ತಾಲೂಕು ಪಂಚಾಯತಿ ಸಿಇಓ ಅವರಿಗೆ ಸಲ್ಲಿಸಬೇಕು. ಹೆಚ್ಚಿನ ಮಾಹಿತಿಗಾಗಿ ತಾಲೂಕು ಪಂಚಾಯಿತಿ ಕಾರ್ಯಾಲಯ, ದೂರವಾಣಿ ಸಂಖ್ಯೆ 08372 278352 ಇಲ್ಲಿ ಸಂಪರ್ಕಿಸಬಹುದಾಗಿದೆ.
ಅರ್ಜಿ ಸಲ್ಲಿಸುವ ಅವಧಿ ವಿಸ್ತರಣೆ
ಗದಗ: 2024-25 ನೇ ಸಾಲಿನಲ್ಲಿ ಮೆಟ್ರಿಕ್ ನಂತರದ ಕೋರ್ಸುಗಳಲ್ಲಿ ಓದುತ್ತಿರುವ ಹಿಂದುಳಿದ ವರ್ಗಗಳ ವಿದ್ಯಾರ್ಥಿಗಳಿಗೆ ರಾಜೀವ ಗಾಂಧಿ ವಿಶ್ವವಿದ್ಯಾಲಯದ ಕೋರ್ಸುಗಳಿಗೆ ಶುಲ್ಕ ಮರುಪಾವತಿ ಸೌಲಭ್ಯಕ್ಕಾಗಿ ಆನ್ ಲೈನ್ ಮೂಲಕ ಅರ್ಜಿ ಸಲ್ಲಿಸುವ ದಿನಾಂಕವನ್ನು ಜೂನ್ 30 ರವರೆಗೆ ವಿಸ್ತರಿಸಲಾಗಿದೆ. ಹೆಚ್ಚಿನ ಮಾಹಿತಿಗಾಗಿ ಜಿಲ್ಲಾ ಅಧಿಕಾರಿಗಳು, ಹಿಂದುಳಿದ ವರ್ಗಗಳ ಕಲ್ಯಾಣ ಇಲಾಖೆ, ಗದಗ ಇವರನ್ನು ಸಂಪರ್ಕಿಸಬಹುದು.
ರೋಗಕ್ಕೆ ಯೋಗವೇ ಮದ್ದು ಅದಕ್ಕೆ ಸೃಷ್ಟಿ ಕೆ.ವೈ ಸಾಕ್ಷಿ
ಹೊಸಪೇಟೆ: ಯೋಗ ಕೇವಲ ಮದ್ದು, ಸರ್ವ ರೋಗಗಳಿಂದ ಮುಕ್ತರಾಗಲು ನಿತ್ಯ ಯೋಗಮಾಡಿ ಎನ್ನುವುದಕ್ಕೆ ಹರಿಹರ ಹಳ್ಳದಕೇರಿಯ ಸಂಗಮೇಶ್ವರ ದೇವಸ್ಥಾನ ಹತ್ತಿರದ ನಿವಾಸಿ ಕಾಂಡಯ್ಯ ಯೋಗಾಚಾರ್ಯ ಕೆ.ಎಸ್ ಅವರ ಪುತ್ರಿ ಕು. ಸೃಷ್ಟಿ ಕೆ.ವೈ ಸಂಗಮೇಶ್ವರ ಸಾಧನೆಯ ಸಾಕ್ಷಿಯಾಗಿದ್ದಾಳೆ. ಉತ್ತಮ ಬೆಳವಣಿಗೆಯಲ್ಲಿ ಪ್ರತಿಭೆಯನ್ನು ಪಡೆದಿರುವ ಯೋಗಿಣಿಯಿಂದಲೂ ಕರೆಯಿಸಿಕೊಳ್ಳುವ
ಎಲ್ಲಾ ಅರ್ಹತೆಗಳನ್ನು ಹೊಂದಿರುವ ಇವಳ ಸಾಧನೆಗೆ ಸದ್ದ-ಸಂಗೀತ ಅಭಿಮಾನಿಗಳು ಆಂತರಾಷ್ಟ್ರೀಯ, ರಾಷ್ಟ್ರೀಯ, ರಾಜ್ಯ ಹಾಗೂ ಜಿಲ್ಲಾ ಮಟ್ಟದ ಸ್ಪರ್ಧೆಗಳಲ್ಲಿ ಭಾಗವಹಿಸಿ ಪಡೆದಿರುವ ಪ್ರಶಸ್ತಿಗಳು, ಇವಳ ಸಾಧನೆ ಬಣ್ಣಿಸಲಾಗದಾಗಿದ್ದಾಗಿದೆ. ರೋಗಕ್ಕೆ ಯೋಗವೇ ಮದ್ದು ಎನ್ನುವ ಸೃಷ್ಟಿ ಕೆ.ವೈ ಸಾಧ್ಯಮಾಡಿದ್ದಾಳೆ. ಅವಳ ತಂದೆಯವರ ಮಾರ್ಗದರ್ಶನದಲ್ಲಿ ತಯಾರಿ ಮಾಡಿರುವ ಸೃಷ್ಟಿ ಅತ್ಯಂತ ಶ್ರದ್ಧೆಯಿಂದ ಯೋಗ ಸಾಧನೆ ಮಾಡುತ್ತಿದ್ದಾಳೆ. ಕೆಲವೇ ವರ್ಷಗಳಲ್ಲಿ ಹತ್ತಾರು ಪ್ರಶಸ್ತಿಗಳನ್ನು ಪಡೆದಿರುವ ಈಕೆ ಸೃಷ್ಟಿ ಕೆ.ವೈ ಹೊಸಪೇಟೆಯ ಶಾಲೆಯಲ್ಲಿ ವಿದ್ಯಾಭ್ಯಾಸ ಮಾಡುತ್ತಿದ್ದಾಳೆ. ತಾಯಿ ಶಾಂತಾ ಹಾಗೂ ತಂದೆಯ ಆಶೀರ್ವಾದ ಮತ್ತು ಮಾರ್ಗದರ್ಶನದಿಂದ ರಾಷ್ಟ್ರಮಟ್ಟದಲ್ಲಿ ಯೋಗ ಸಾಧನೆ ಮಾಡಿ ಹೆಸರು ಗಳಿಸಿದ್ದಾಳೆ.
ಸಾಧನೆಗೆ ಬೆಣ್ಣಾಡಿ ಅರ್ಥಿಕ ನೆರವು ನೀಡಿ ಪ್ರೋತ್ಸಾಹಿಸುತ್ತಿದ್ದಾರೆ. ಇವಳ ಪ್ರತಿಭೆ ಹೊರ ಹೊಮ್ಮಲು, ಖಾಸಗಿ ಶಾಲೆಯಲ್ಲಿ ಶಿಕ್ಷಣದ ಜೊತೆಯಲ್ಲಿ ಯೋಗ ತರಬೇತಿ ಪಡೆದು ಕಠಿಣ ಪರಿಶ್ರಮ ಪಡುತ್ತಿದ್ದಾಳೆ. ಯೋಗ ಸಾಧನೆಯ ರಹದಾರಿ ಎಂದು ಬಡತನದಲ್ಲಿಯೇ ಯೋಗಾಭ್ಯಾಸದಲ್ಲಿ ಅಪಾರ ಸಾಧನೆಗೈದಿದ್ದಾಳೆ. 108 ಸೂರ್ಯ ನಮಸ್ಕಾರಗಳನ್ನು ನಿರಂತರವಾಗಿ ಮಾಡಿದ್ದಾಳೆ.
"ಸೂರ್ಯ ನಮಸ್ಕಾರ" ಯೋಗಾಸನ ಸ್ಪರ್ಧೆಗಳಲ್ಲಿನ ನೋಬಲ್ ಬುಕ್ ಆಫ್ ರೆಕಾರ್ಡ್ ಗೌರವಕ್ಕೆ ಭಾಜನರಾಗಿದ್ದಾಳೆ. "ಯೋಗ ರತ್ನ", "ಸ್ವರ್ಗ ಕಲಾ ರತ್ನ", "ಯೋಗ ಕಲಾ ಸಿದ್ಧಿ" ಹಾಗೂ "ಕರುನಾಡ ಕಲಾ ರತ್ನ" ಸೇರಿದಂತೆ ಹಲವು ಪ್ರಶಸ್ತಿಗಳನ್ನು ಪಡೆದಿದ್ದಾಳೆ. ಈಗಾಗಲೇ ರಾಷ್ಟ್ರಮಟ್ಟದ ಪ್ರಥಮ ಸ್ಥಾನ ಪಡೆದು, ವಿದ್ಯಾರ್ಥಿನಿ ಯೋಗ ಸ್ಪರ್ಧೆ 2020 ರಲ್ಲಿ ಉತ್ತಮ ಸಾಧನೆ ಮಾಡಿದ್ದಾಳೆ.
ಭಾಗವಹಿಸಿ, ಸತತ ಮೂರು ನಿಮಿಷಗಳ ಕಾಲ ವೃಕ್ಷಾಸನ ಯೋಗ ಸಾಧನೆ ಮಾಡಿ ವರ್ಲ್ಡ್ ರೆಕಾರ್ಡ್ ಗೌರವ ಪಡೆದಿದ್ದಾಳೆ. ಗಿನ್ನಿಸ್ ರೆಕಾರ್ಡ್, ಅಬ್ದುಲ್ ಕಲಾಂ ವರ್ಲ್ಡ್ ರೆಕಾರ್ಡ್, ಯೋಗ ಬುಕ್ ಆಫ್ ರೆಕಾರ್ಡ್ ಸಾಧನೆಗಳನ್ನು ಮಾಡಿದ್ದಾಳೆ. ಯೋಗ ಕಲಾ ಪ್ರವೀಣೆ, ಯೋಗ ಕಲಾ ಭೂಷಣ ಪ್ರಶಸ್ತಿಗಳನ್ನು ಪಡೆದಿರುವ ಈಕೆ ಜಿಲ್ಲೆಗೆ ಹೆಮ್ಮೆ ತಂದಿದ್ದಾಳೆ. ಯೋಗ ಶಿಕ್ಷಕರು, ಪೋಷಕರು ಹಾಗೂ ಶಾಲಾ ಶಿಕ್ಷಕರ ಸಹಕಾರದಿಂದ ನಿರಂತರ ಅಭ್ಯಾಸ ಮಾಡುತ್ತಿದ್ದಾಳೆ.
ರಾಜ ದೇಶೀಕೇಂದ್ರ, ಶಿವಾಚಾರ್ಯ ಭಗವತ್ಪಾದರ ಆಶೀರ್ವಾದ ಹಾಗೂ ವಿಜಯನಗರ ಜಿಲ್ಲಾ ಸಾಮಾಜಿಕ ಸಂಘ ಸಂಸ್ಥೆಗಳು ಇವಳ ಸಾಧನೆಯನ್ನು ಗುರುತಿಸಿ ಸನ್ಮಾನಿಸಿವೆ. ಯೋಗಾಭ್ಯಾಸದಲ್ಲಿ ಹೆಚ್ಚಿನ ಸಾಧನೆ ಮಾಡುವ ಆಸೆ ಹೊಂದಿರುವ ಈಕೆಗೆ ಸರ್ಕಾರ ಹಾಗೂ ದಾನಿಗಳು ನೆರವು ನೀಡಬೇಕಿದೆ. ನನ್ನ ಮಗಳು ಸೃಷ್ಟಿಗೆ ಯೋಗದಲ್ಲಿ ಅಪಾರ ಆಸಕ್ತಿ ಇದೆ. ಮುಂದಿನ ದಿನಗಳಲ್ಲಿ ಅಂತರಾಷ್ಟ್ರೀಯ ಮಟ್ಟದಲ್ಲಿ ಸಾಧನೆ ಮಾಡಲಿ ಎಂದು ತಂದೆ ಯೋಗಾಚಾರ್ಯ ಕೆ.ಎಸ್ ತಿಳಿಸಿದರು.
PANADAVA REGIONAL KANNADA DAILY MORNING, Editor, Printer & Owner by :S.T. VEDAMURTHY, A.P.M.C Road, Halageri Chawl, Ranebennur - 581 115
Haveri - Dist, Karnataka State, Printed at : GAYATHRI PUBLICATIONS, Nekar Colony, Industrial Area, Ranebennur, Haveri Dist, Karnataka State
----	----	----
